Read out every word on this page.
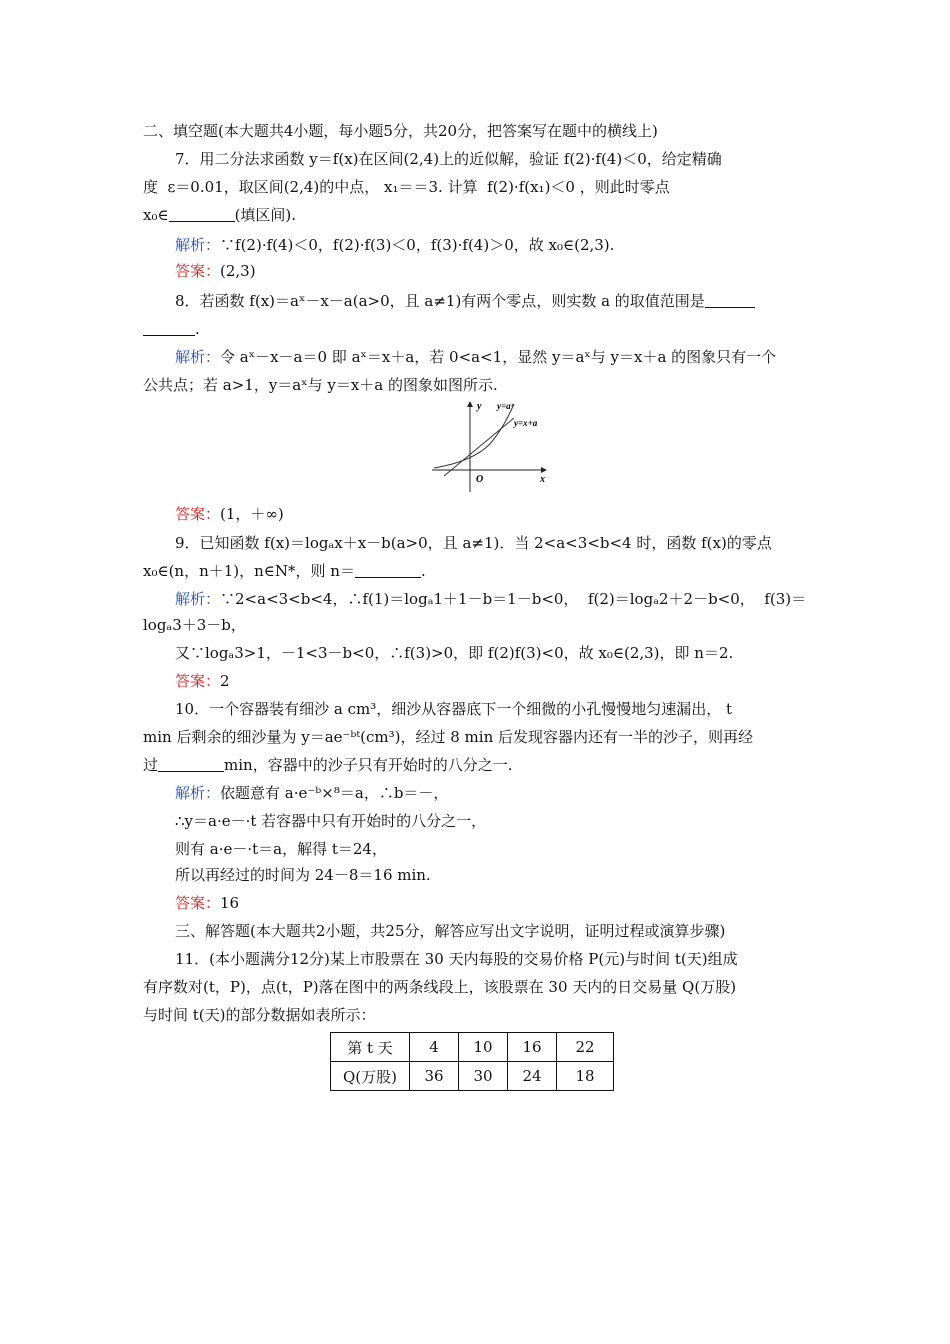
二、填空题(本大题共4小题，每小题5分，共20分，把答案写在题中的横线上)
7．用二分法求函数 y＝f(x)在区间(2,4)上的近似解，验证 f(2)·f(4)＜0，给定精确
度  ε＝0.01，取区间(2,4)的中点， x₁＝＝3. 计算  f(2)·f(x₁)＜0 ，则此时零点
x₀∈	(填区间).
解析：∵f(2)·f(4)＜0，f(2)·f(3)＜0，f(3)·f(4)＞0，故 x₀∈(2,3).
答案：(2,3)
8．若函数 f(x)＝aˣ－x－a(a>0，且 a≠1)有两个零点，则实数 a 的取值范围是
.
解析：令 aˣ－x－a＝0 即 aˣ＝x＋a，若 0<a<1，显然 y＝aˣ与 y＝x＋a 的图象只有一个
公共点；若 a>1，y＝aˣ与 y＝x＋a 的图象如图所示.
y
x
O
y=aˣ
y=x+a
答案：(1，＋∞)
9．已知函数 f(x)＝logₐx＋x－b(a>0，且 a≠1)．当 2<a<3<b<4 时，函数 f(x)的零点
x₀∈(n，n＋1)，n∈N*，则 n＝	.
解析：∵2<a<3<b<4，∴f(1)＝logₐ1＋1－b＝1－b<0，  f(2)＝logₐ2＋2－b<0，  f(3)＝
logₐ3＋3－b，
又∵logₐ3>1，－1<3－b<0，∴f(3)>0，即 f(2)f(3)<0，故 x₀∈(2,3)，即 n＝2.
答案：2
10．一个容器装有细沙 a cm³，细沙从容器底下一个细微的小孔慢慢地匀速漏出， t
min 后剩余的细沙量为 y＝ae⁻ᵇᵗ(cm³)，经过 8 min 后发现容器内还有一半的沙子，则再经
过	min，容器中的沙子只有开始时的八分之一.
解析：依题意有 a·e⁻ᵇ×⁸＝a，∴b＝－，
∴y＝a·e－·t 若容器中只有开始时的八分之一，
则有 a·e－·t＝a，解得 t＝24，
所以再经过的时间为 24－8＝16 min.
答案：16
三、解答题(本大题共2小题，共25分，解答应写出文字说明，证明过程或演算步骤)
11．(本小题满分12分)某上市股票在 30 天内每股的交易价格 P(元)与时间 t(天)组成
有序数对(t，P)，点(t，P)落在图中的两条线段上，该股票在 30 天内的日交易量 Q(万股)
与时间 t(天)的部分数据如表所示：
第 t 天	4	10	16	22
Q(万股)	36	30	24	18
